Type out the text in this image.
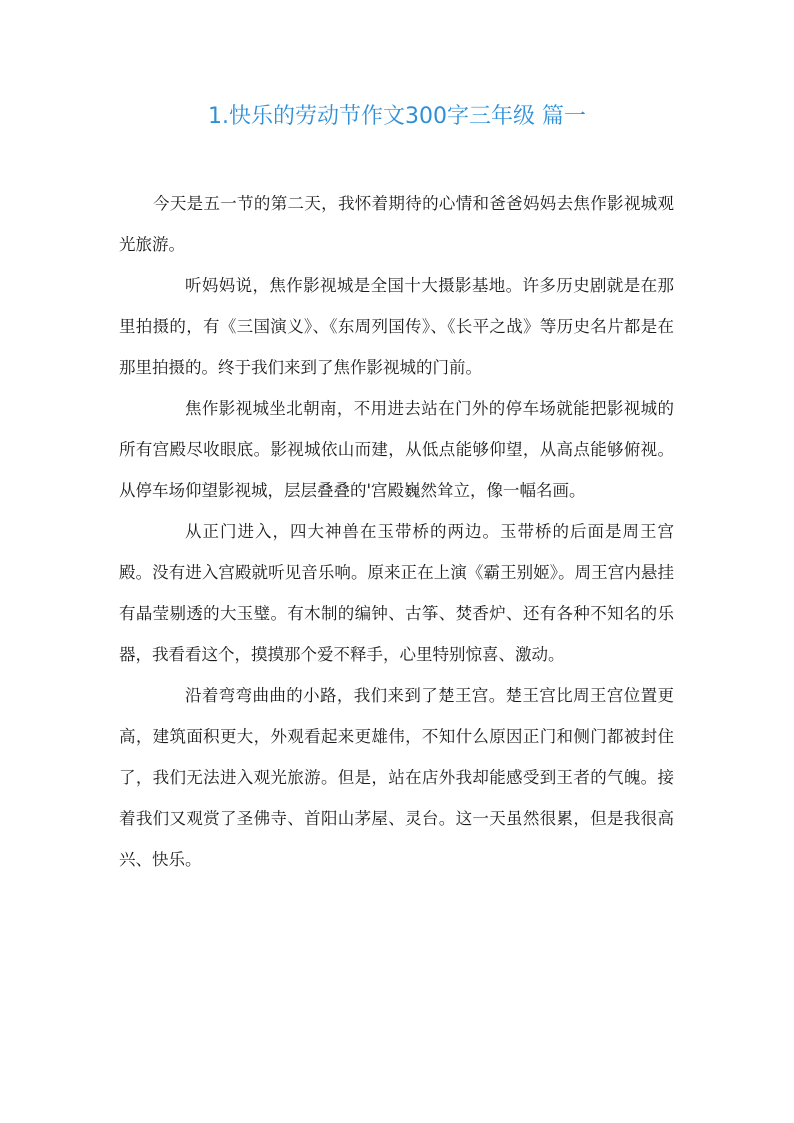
1.快乐的劳动节作文300字三年级 篇一

今天是五一节的第二天，我怀着期待的心情和爸爸妈妈去焦作影视城观光旅游。

听妈妈说，焦作影视城是全国十大摄影基地。许多历史剧就是在那里拍摄的，有《三国演义》、《东周列国传》、《长平之战》等历史名片都是在那里拍摄的。终于我们来到了焦作影视城的门前。

焦作影视城坐北朝南，不用进去站在门外的停车场就能把影视城的所有宫殿尽收眼底。影视城依山而建，从低点能够仰望，从高点能够俯视。从停车场仰望影视城，层层叠叠的'宫殿巍然耸立，像一幅名画。

从正门进入，四大神兽在玉带桥的两边。玉带桥的后面是周王宫殿。没有进入宫殿就听见音乐响。原来正在上演《霸王别姬》。周王宫内悬挂有晶莹剔透的大玉璧。有木制的编钟、古筝、焚香炉、还有各种不知名的乐器，我看看这个，摸摸那个爱不释手，心里特别惊喜、激动。

沿着弯弯曲曲的小路，我们来到了楚王宫。楚王宫比周王宫位置更高，建筑面积更大，外观看起来更雄伟，不知什么原因正门和侧门都被封住了，我们无法进入观光旅游。但是，站在店外我却能感受到王者的气魄。接着我们又观赏了圣佛寺、首阳山茅屋、灵台。这一天虽然很累，但是我很高兴、快乐。
